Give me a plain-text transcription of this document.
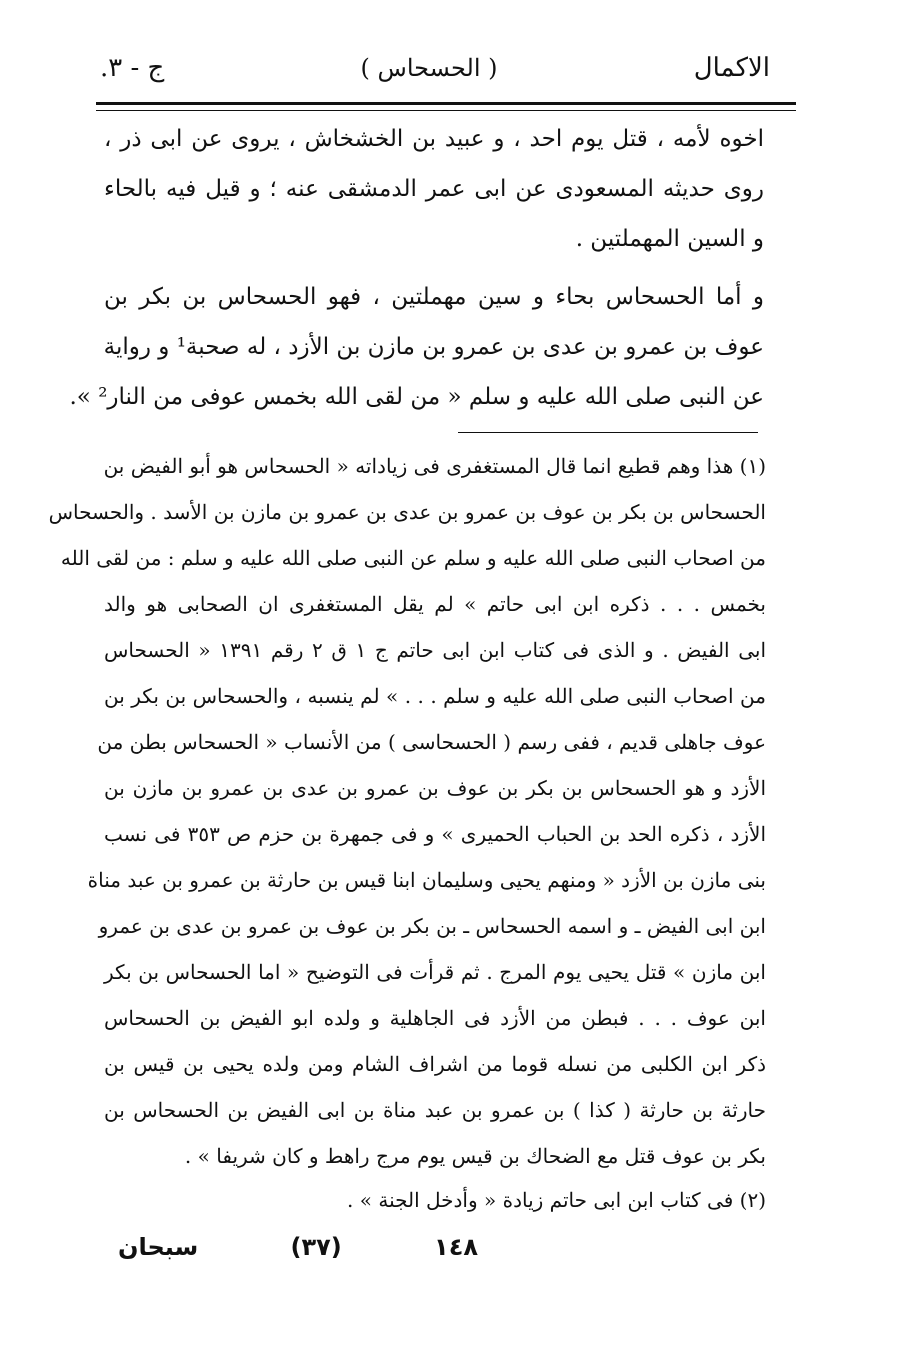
الاكمال
( الحسحاس )
ج - ٣.
اخوه لأمه ، قتل يوم احد ، و عبيد بن الخشخاش ، يروى عن ابى ذر ،
روى حديثه المسعودى عن ابى عمر الدمشقى عنه ؛ و قيل فيه بالحاء
و السين المهملتين .
و أما الحسحاس بحاء و سين مهملتين ، فهو الحسحاس بن بكر بن
عوف بن عمرو بن عدى بن عمرو بن مازن بن الأزد ، له صحبة¹ و رواية
عن النبى صلى الله عليه و سلم « من لقى الله بخمس عوفى من النار² ».
(١) هذا وهم قطيع انما قال المستغفرى فى زياداته « الحسحاس هو أبو الفيض بن
الحسحاس بن بكر بن عوف بن عمرو بن عدى بن عمرو بن مازن بن الأسد . والحسحاس
من اصحاب النبى صلى الله عليه و سلم عن النبى صلى الله عليه و سلم : من لقى الله
بخمس . . . ذكره ابن ابى حاتم » لم يقل المستغفرى ان الصحابى هو والد
ابى الفيض . و الذى فى كتاب ابن ابى حاتم ج ١ ق ٢ رقم ١٣٩١ « الحسحاس
من اصحاب النبى صلى الله عليه و سلم . . . » لم ينسبه ، والحسحاس بن بكر بن
عوف جاهلى قديم ، ففى رسم ( الحسحاسى ) من الأنساب « الحسحاس بطن من
الأزد و هو الحسحاس بن بكر بن عوف بن عمرو بن عدى بن عمرو بن مازن بن
الأزد ، ذكره الحد بن الحباب الحميرى » و فى جمهرة بن حزم ص ٣٥٣ فى نسب
بنى مازن بن الأزد « ومنهم يحيى وسليمان ابنا قيس بن حارثة بن عمرو بن عبد مناة
ابن ابى الفيض ـ و اسمه الحسحاس ـ بن بكر بن عوف بن عمرو بن عدى بن عمرو
ابن مازن » قتل يحيى يوم المرج . ثم قرأت فى التوضيح « اما الحسحاس بن بكر
ابن عوف . . . فبطن من الأزد فى الجاهلية و ولده ابو الفيض بن الحسحاس
ذكر ابن الكلبى من نسله قوما من اشراف الشام ومن ولده يحيى بن قيس بن
حارثة بن حارثة ( كذا ) بن عمرو بن عبد مناة بن ابى الفيض بن الحسحاس بن
بكر بن عوف قتل مع الضحاك بن قيس يوم مرج راهط و كان شريفا » .
(٢) فى كتاب ابن ابى حاتم زيادة « وأدخل الجنة » .
١٤٨
(٣٧)
سبحان
